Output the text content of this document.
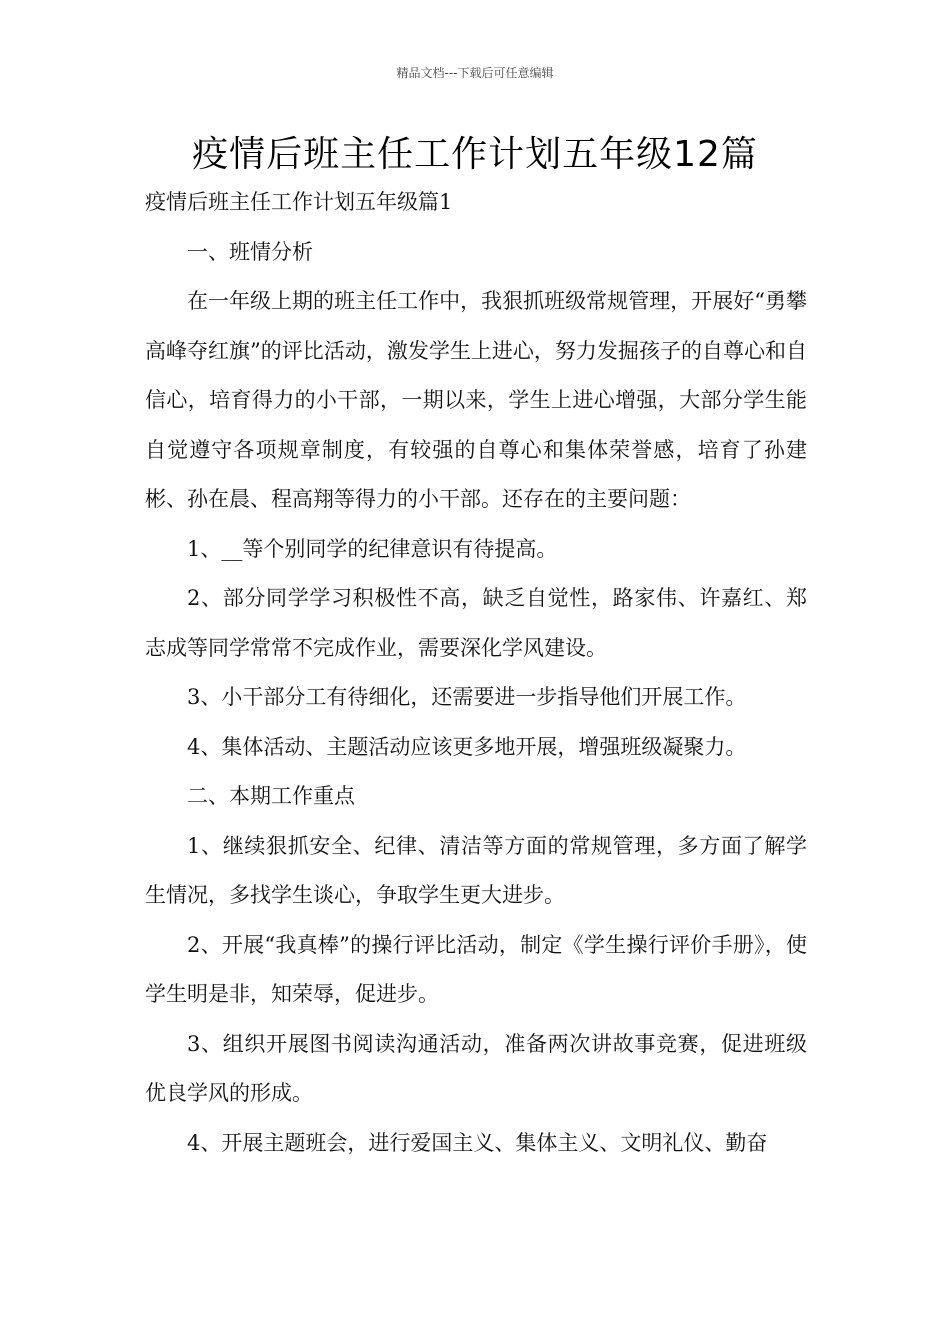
精品文档---下载后可任意编辑
疫情后班主任工作计划五年级12篇

疫情后班主任工作计划五年级篇1

一、班情分析

在一年级上期的班主任工作中，我狠抓班级常规管理，开展好“勇攀高峰夺红旗”的评比活动，激发学生上进心，努力发掘孩子的自尊心和自信心，培育得力的小干部，一期以来，学生上进心增强，大部分学生能自觉遵守各项规章制度，有较强的自尊心和集体荣誉感，培育了孙建彬、孙在晨、程高翔等得力的小干部。还存在的主要问题：

1、__等个别同学的纪律意识有待提高。

2、部分同学学习积极性不高，缺乏自觉性，路家伟、许嘉红、郑志成等同学常常不完成作业，需要深化学风建设。

3、小干部分工有待细化，还需要进一步指导他们开展工作。

4、集体活动、主题活动应该更多地开展，增强班级凝聚力。

二、本期工作重点

1、继续狠抓安全、纪律、清洁等方面的常规管理，多方面了解学生情况，多找学生谈心，争取学生更大进步。

2、开展“我真棒”的操行评比活动，制定《学生操行评价手册》，使学生明是非，知荣辱，促进步。

3、组织开展图书阅读沟通活动，准备两次讲故事竞赛，促进班级优良学风的形成。

4、开展主题班会，进行爱国主义、集体主义、文明礼仪、勤奋
